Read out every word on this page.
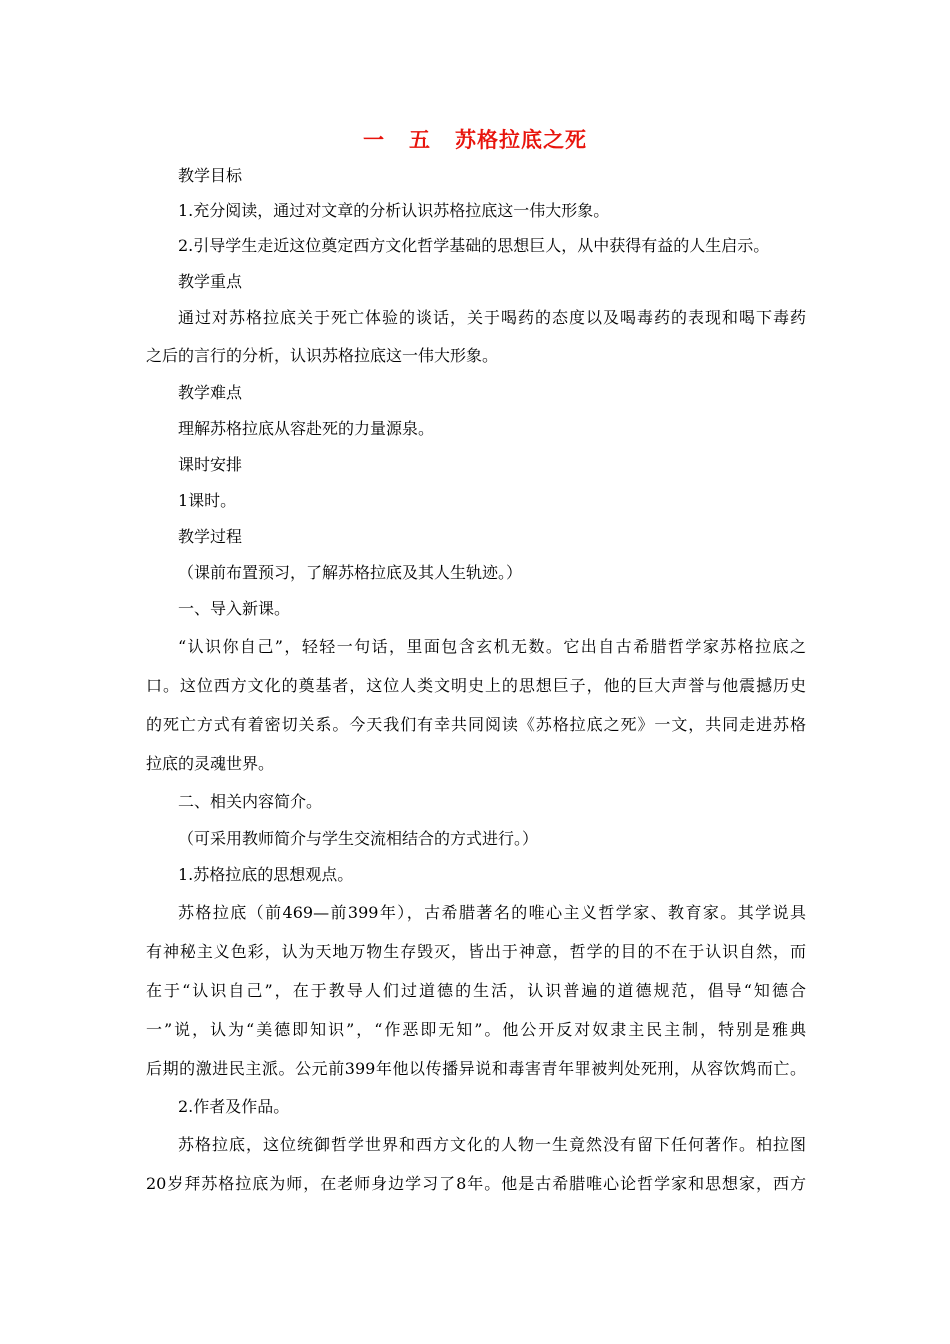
一 五 苏格拉底之死

教学目标

1.充分阅读，通过对文章的分析认识苏格拉底这一伟大形象。

2.引导学生走近这位奠定西方文化哲学基础的思想巨人，从中获得有益的人生启示。

教学重点

通过对苏格拉底关于死亡体验的谈话，关于喝药的态度以及喝毒药的表现和喝下毒药

之后的言行的分析，认识苏格拉底这一伟大形象。

教学难点

理解苏格拉底从容赴死的力量源泉。

课时安排

1课时。

教学过程

（课前布置预习，了解苏格拉底及其人生轨迹。）

一、导入新课。

“认识你自己”，轻轻一句话，里面包含玄机无数。它出自古希腊哲学家苏格拉底之

口。这位西方文化的奠基者，这位人类文明史上的思想巨子，他的巨大声誉与他震撼历史

的死亡方式有着密切关系。今天我们有幸共同阅读《苏格拉底之死》一文，共同走进苏格

拉底的灵魂世界。

二、相关内容简介。

（可采用教师简介与学生交流相结合的方式进行。）

1.苏格拉底的思想观点。

苏格拉底（前469—前399年），古希腊著名的唯心主义哲学家、教育家。其学说具

有神秘主义色彩，认为天地万物生存毁灭，皆出于神意，哲学的目的不在于认识自然，而

在于“认识自己”，在于教导人们过道德的生活，认识普遍的道德规范，倡导“知德合

一”说，认为“美德即知识”，“作恶即无知”。他公开反对奴隶主民主制，特别是雅典

后期的激进民主派。公元前399年他以传播异说和毒害青年罪被判处死刑，从容饮鸩而亡。

2.作者及作品。

苏格拉底，这位统御哲学世界和西方文化的人物一生竟然没有留下任何著作。柏拉图

20岁拜苏格拉底为师，在老师身边学习了8年。他是古希腊唯心论哲学家和思想家，西方
